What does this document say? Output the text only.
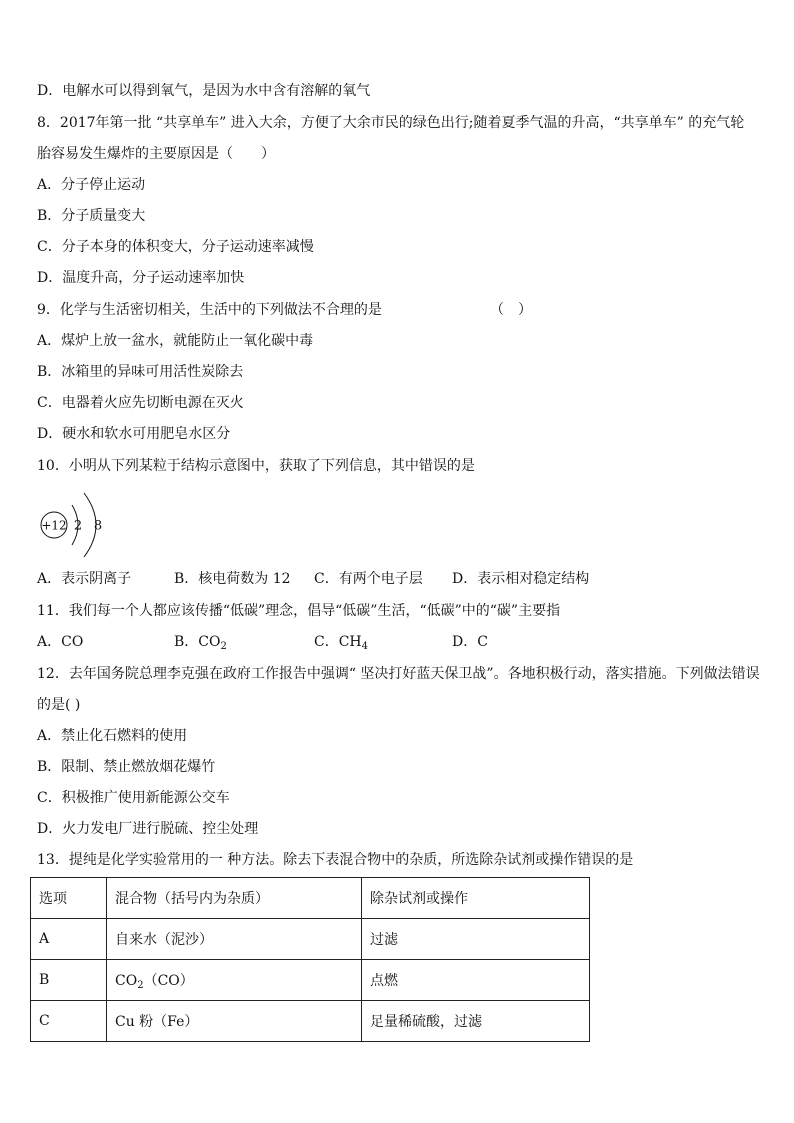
D．电解水可以得到氧气，是因为水中含有溶解的氧气
8．2017年第一批 “共享单车” 进入大余，方便了大余市民的绿色出行;随着夏季气温的升高，“共享单车” 的充气轮
胎容易发生爆炸的主要原因是（　　）
A．分子停止运动
B．分子质量变大
C．分子本身的体积变大，分子运动速率减慢
D．温度升高，分子运动速率加快
9．化学与生活密切相关，生活中的下列做法不合理的是	（　）
A．煤炉上放一盆水，就能防止一氧化碳中毒
B．冰箱里的异味可用活性炭除去
C．电器着火应先切断电源在灭火
D．硬水和软水可用肥皂水区分
10．小明从下列某粒于结构示意图中，获取了下列信息，其中错误的是
+12 2 8
A．表示阴离子	B．核电荷数为 12 C．有两个电子层 D．表示相对稳定结构
11．我们每一个人都应该传播“低碳”理念，倡导“低碳”生活，“低碳”中的“碳”主要指
A．CO	B．$CO_2$	C．$CH_4$	D．C
12．去年国务院总理李克强在政府工作报告中强调“ 坚决打好蓝天保卫战”。各地积极行动，落实措施。下列做法错误
的是( )
A．禁止化石燃料的使用
B．限制、禁止燃放烟花爆竹
C．积极推广使用新能源公交车
D．火力发电厂进行脱硫、控尘处理
13．提纯是化学实验常用的一 种方法。除去下表混合物中的杂质，所选除杂试剂或操作错误的是
选项	混合物（括号内为杂质）	除杂试剂或操作
A	自来水（泥沙）	过滤
B	$CO_2(CO)$	点燃
C	Cu 粉（Fe）	足量稀硫酸，过滤
